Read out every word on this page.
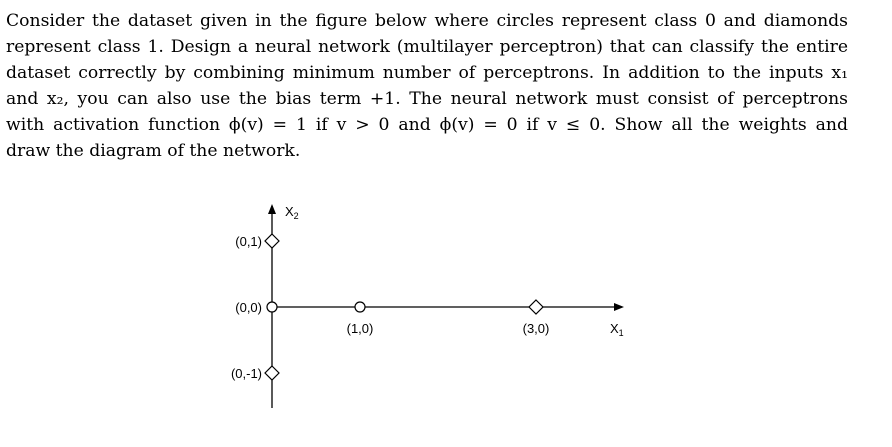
Consider the dataset given in the figure below where circles represent class 0 and diamonds
represent class 1. Design a neural network (multilayer perceptron) that can classify the entire
dataset correctly by combining minimum number of perceptrons. In addition to the inputs x₁
and x₂, you can also use the bias term +1. The neural network must consist of perceptrons
with activation function ϕ(v) = 1 if v > 0 and ϕ(v) = 0 if v ≤ 0. Show all the weights and
draw the diagram of the network.
$X_1$
$X_2$
(0,1)
(0,0)
(1,0)	(3,0)
(0,-1)
